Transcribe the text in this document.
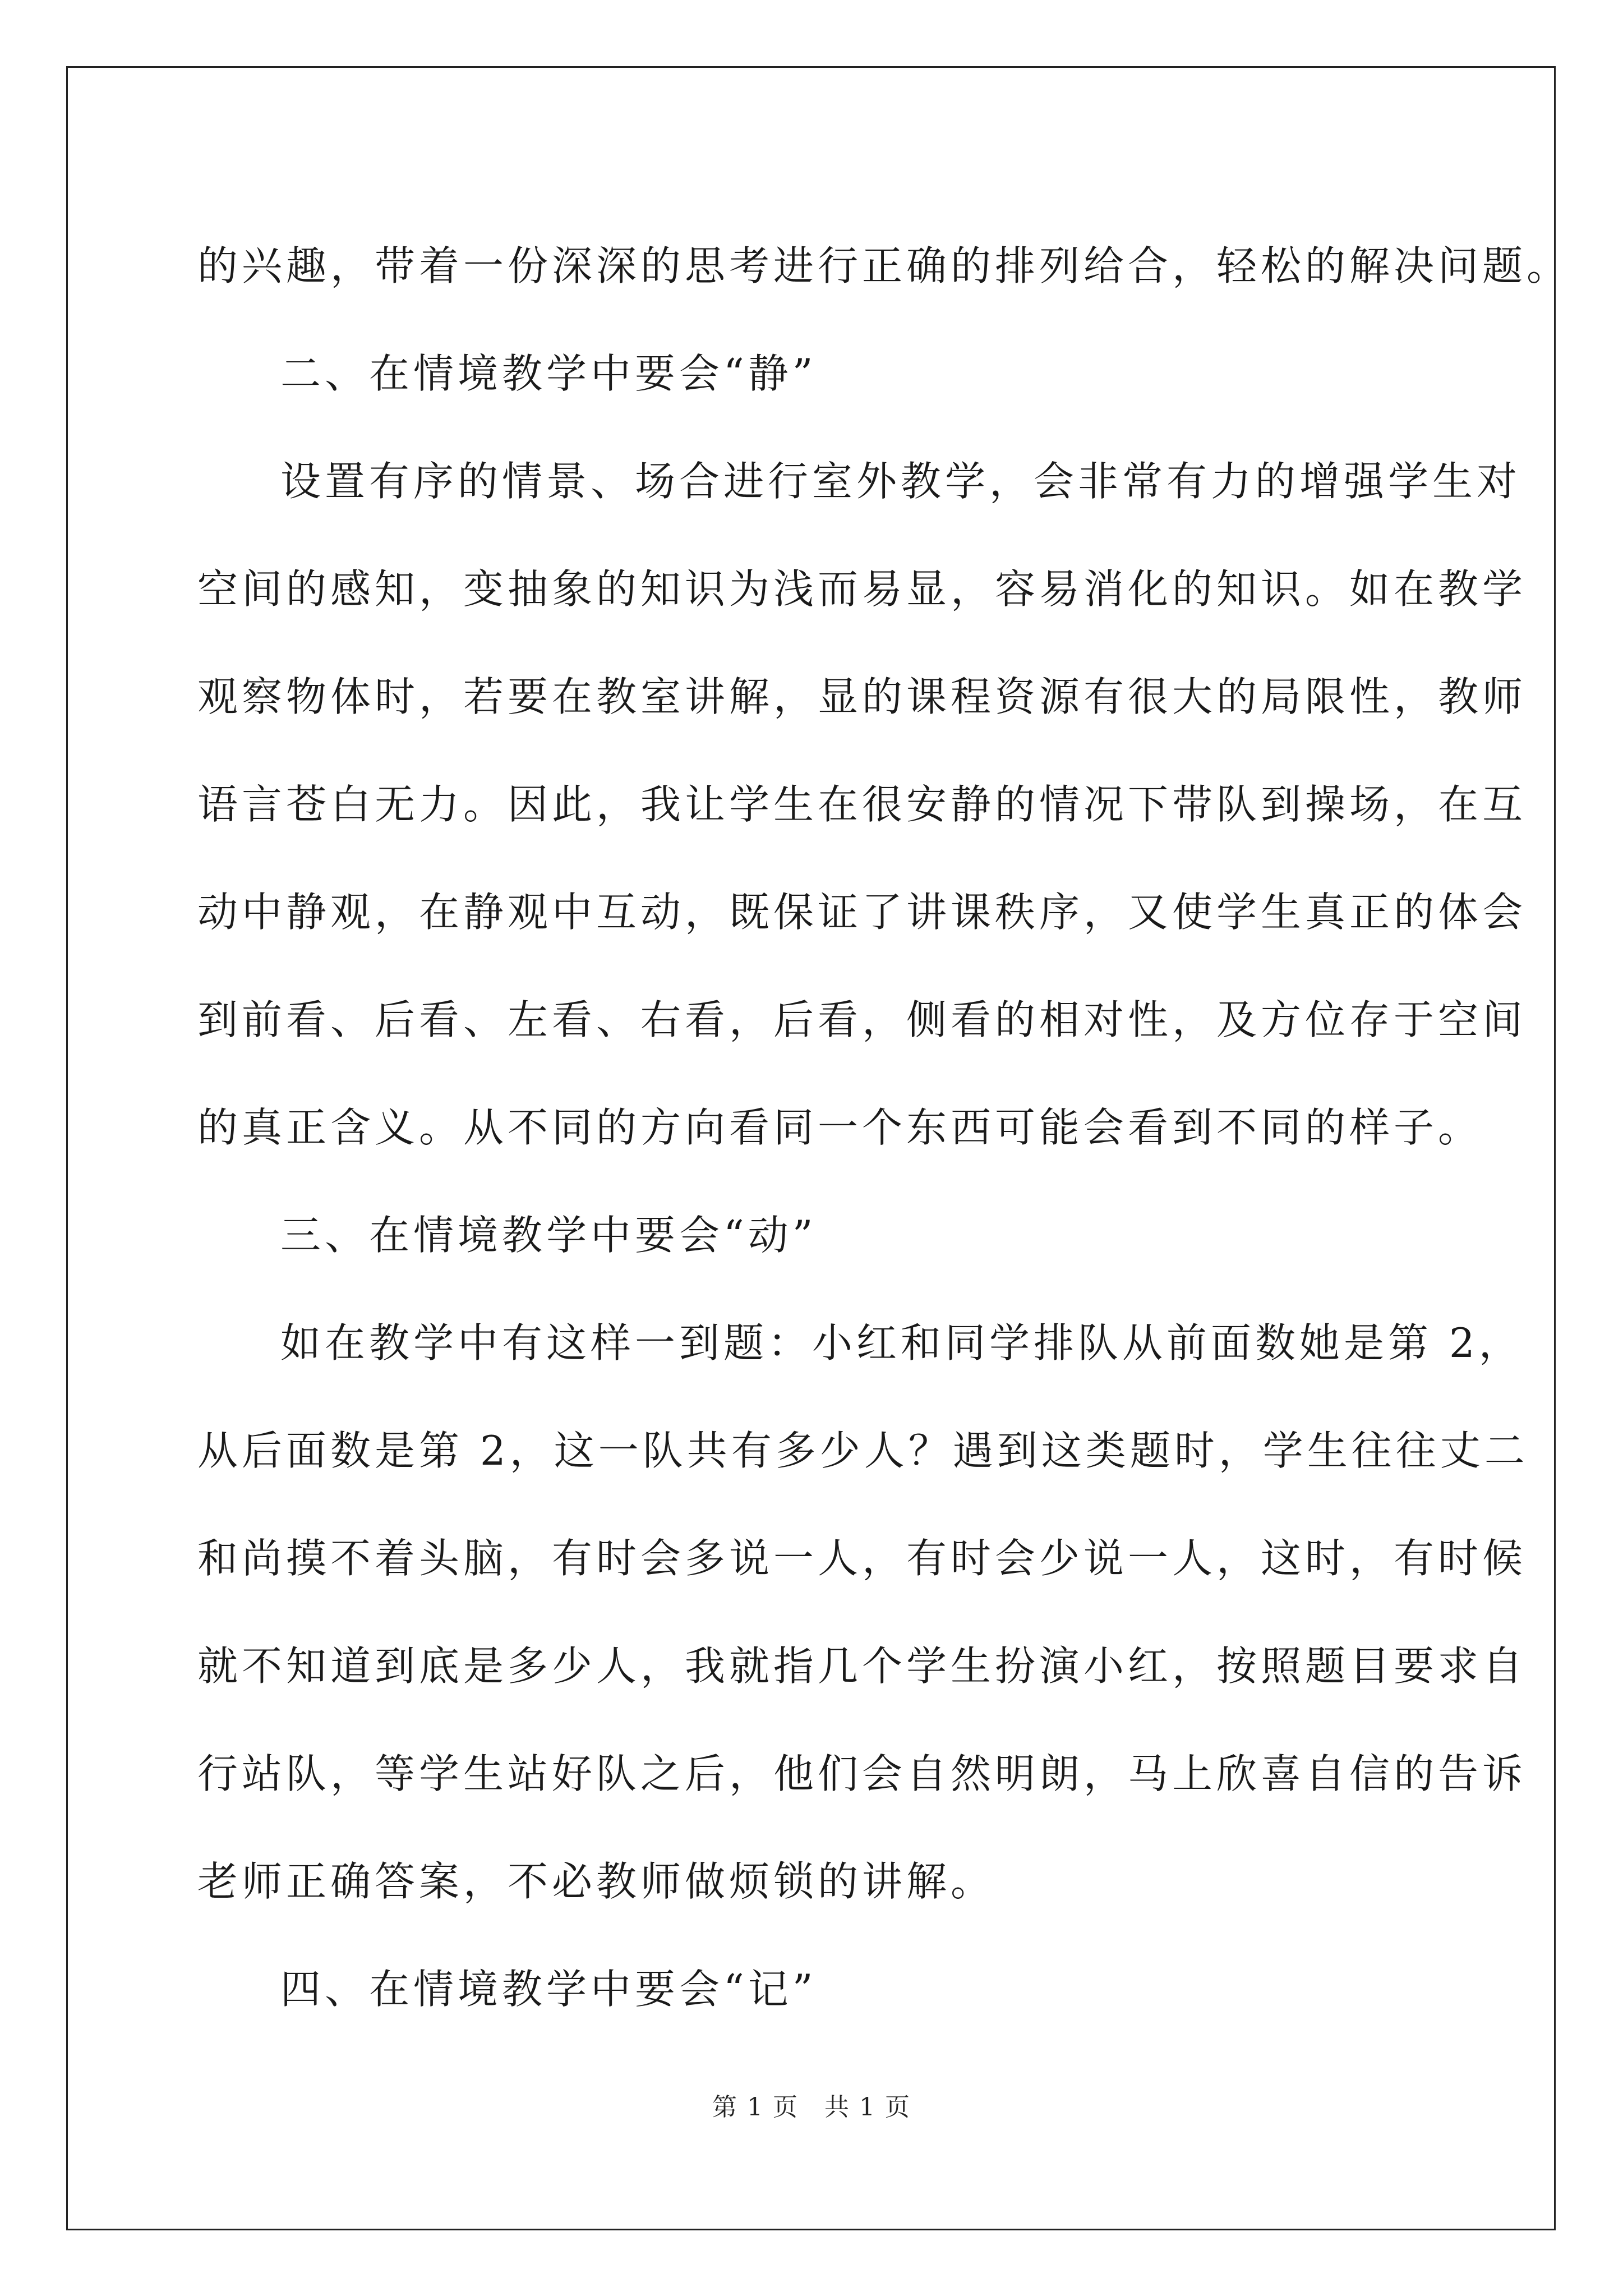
的兴趣，带着一份深深的思考进行正确的排列给合，轻松的解决问题。
二、在情境教学中要会“静”
设置有序的情景、场合进行室外教学，会非常有力的增强学生对
空间的感知，变抽象的知识为浅而易显，容易消化的知识。如在教学
观察物体时，若要在教室讲解，显的课程资源有很大的局限性，教师
语言苍白无力。因此，我让学生在很安静的情况下带队到操场，在互
动中静观，在静观中互动，既保证了讲课秩序，又使学生真正的体会
到前看、后看、左看、右看，后看，侧看的相对性，及方位存于空间
的真正含义。从不同的方向看同一个东西可能会看到不同的样子。
三、在情境教学中要会“动”
如在教学中有这样一到题：小红和同学排队从前面数她是第 2，
从后面数是第 2，这一队共有多少人？遇到这类题时，学生往往丈二
和尚摸不着头脑，有时会多说一人，有时会少说一人，这时，有时候
就不知道到底是多少人，我就指几个学生扮演小红，按照题目要求自
行站队，等学生站好队之后，他们会自然明朗，马上欣喜自信的告诉
老师正确答案，不必教师做烦锁的讲解。
四、在情境教学中要会“记”
第 1 页　共 1 页
